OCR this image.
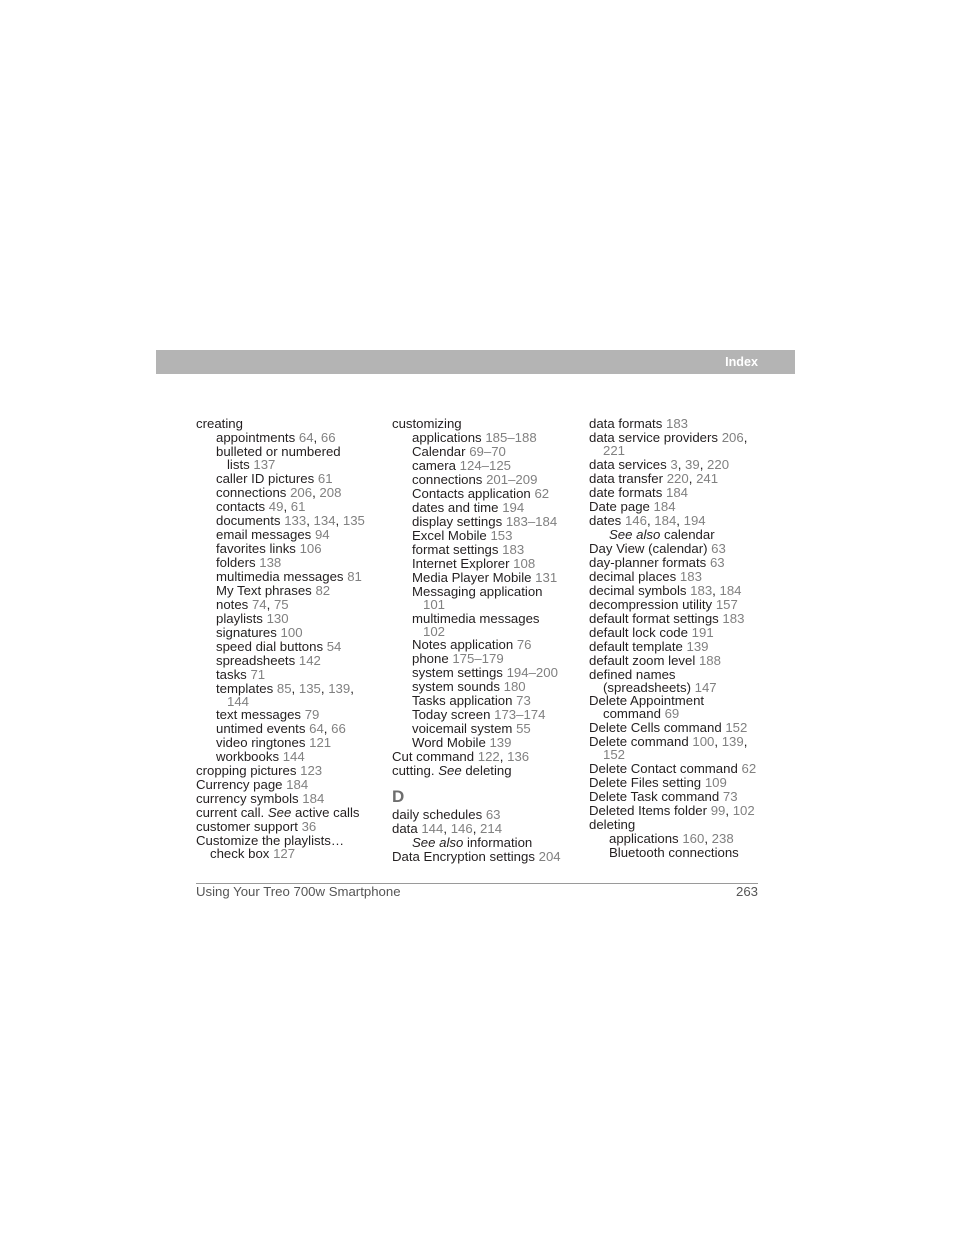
Index
creating
appointments 64, 66
bulleted or numbered
lists 137
caller ID pictures 61
connections 206, 208
contacts 49, 61
documents 133, 134, 135
email messages 94
favorites links 106
folders 138
multimedia messages 81
My Text phrases 82
notes 74, 75
playlists 130
signatures 100
speed dial buttons 54
spreadsheets 142
tasks 71
templates 85, 135, 139,
144
text messages 79
untimed events 64, 66
video ringtones 121
workbooks 144
cropping pictures 123
Currency page 184
currency symbols 184
current call. See active calls
customer support 36
Customize the playlists…
check box 127
customizing
applications 185–188
Calendar 69–70
camera 124–125
connections 201–209
Contacts application 62
dates and time 194
display settings 183–184
Excel Mobile 153
format settings 183
Internet Explorer 108
Media Player Mobile 131
Messaging application
101
multimedia messages
102
Notes application 76
phone 175–179
system settings 194–200
system sounds 180
Tasks application 73
Today screen 173–174
voicemail system 55
Word Mobile 139
Cut command 122, 136
cutting. See deleting
D
daily schedules 63
data 144, 146, 214
See also information
Data Encryption settings 204
data formats 183
data service providers 206,
221
data services 3, 39, 220
data transfer 220, 241
date formats 184
Date page 184
dates 146, 184, 194
See also calendar
Day View (calendar) 63
day-planner formats 63
decimal places 183
decimal symbols 183, 184
decompression utility 157
default format settings 183
default lock code 191
default template 139
default zoom level 188
defined names
(spreadsheets) 147
Delete Appointment
command 69
Delete Cells command 152
Delete command 100, 139,
152
Delete Contact command 62
Delete Files setting 109
Delete Task command 73
Deleted Items folder 99, 102
deleting
applications 160, 238
Bluetooth connections
Using Your Treo 700w Smartphone	263
